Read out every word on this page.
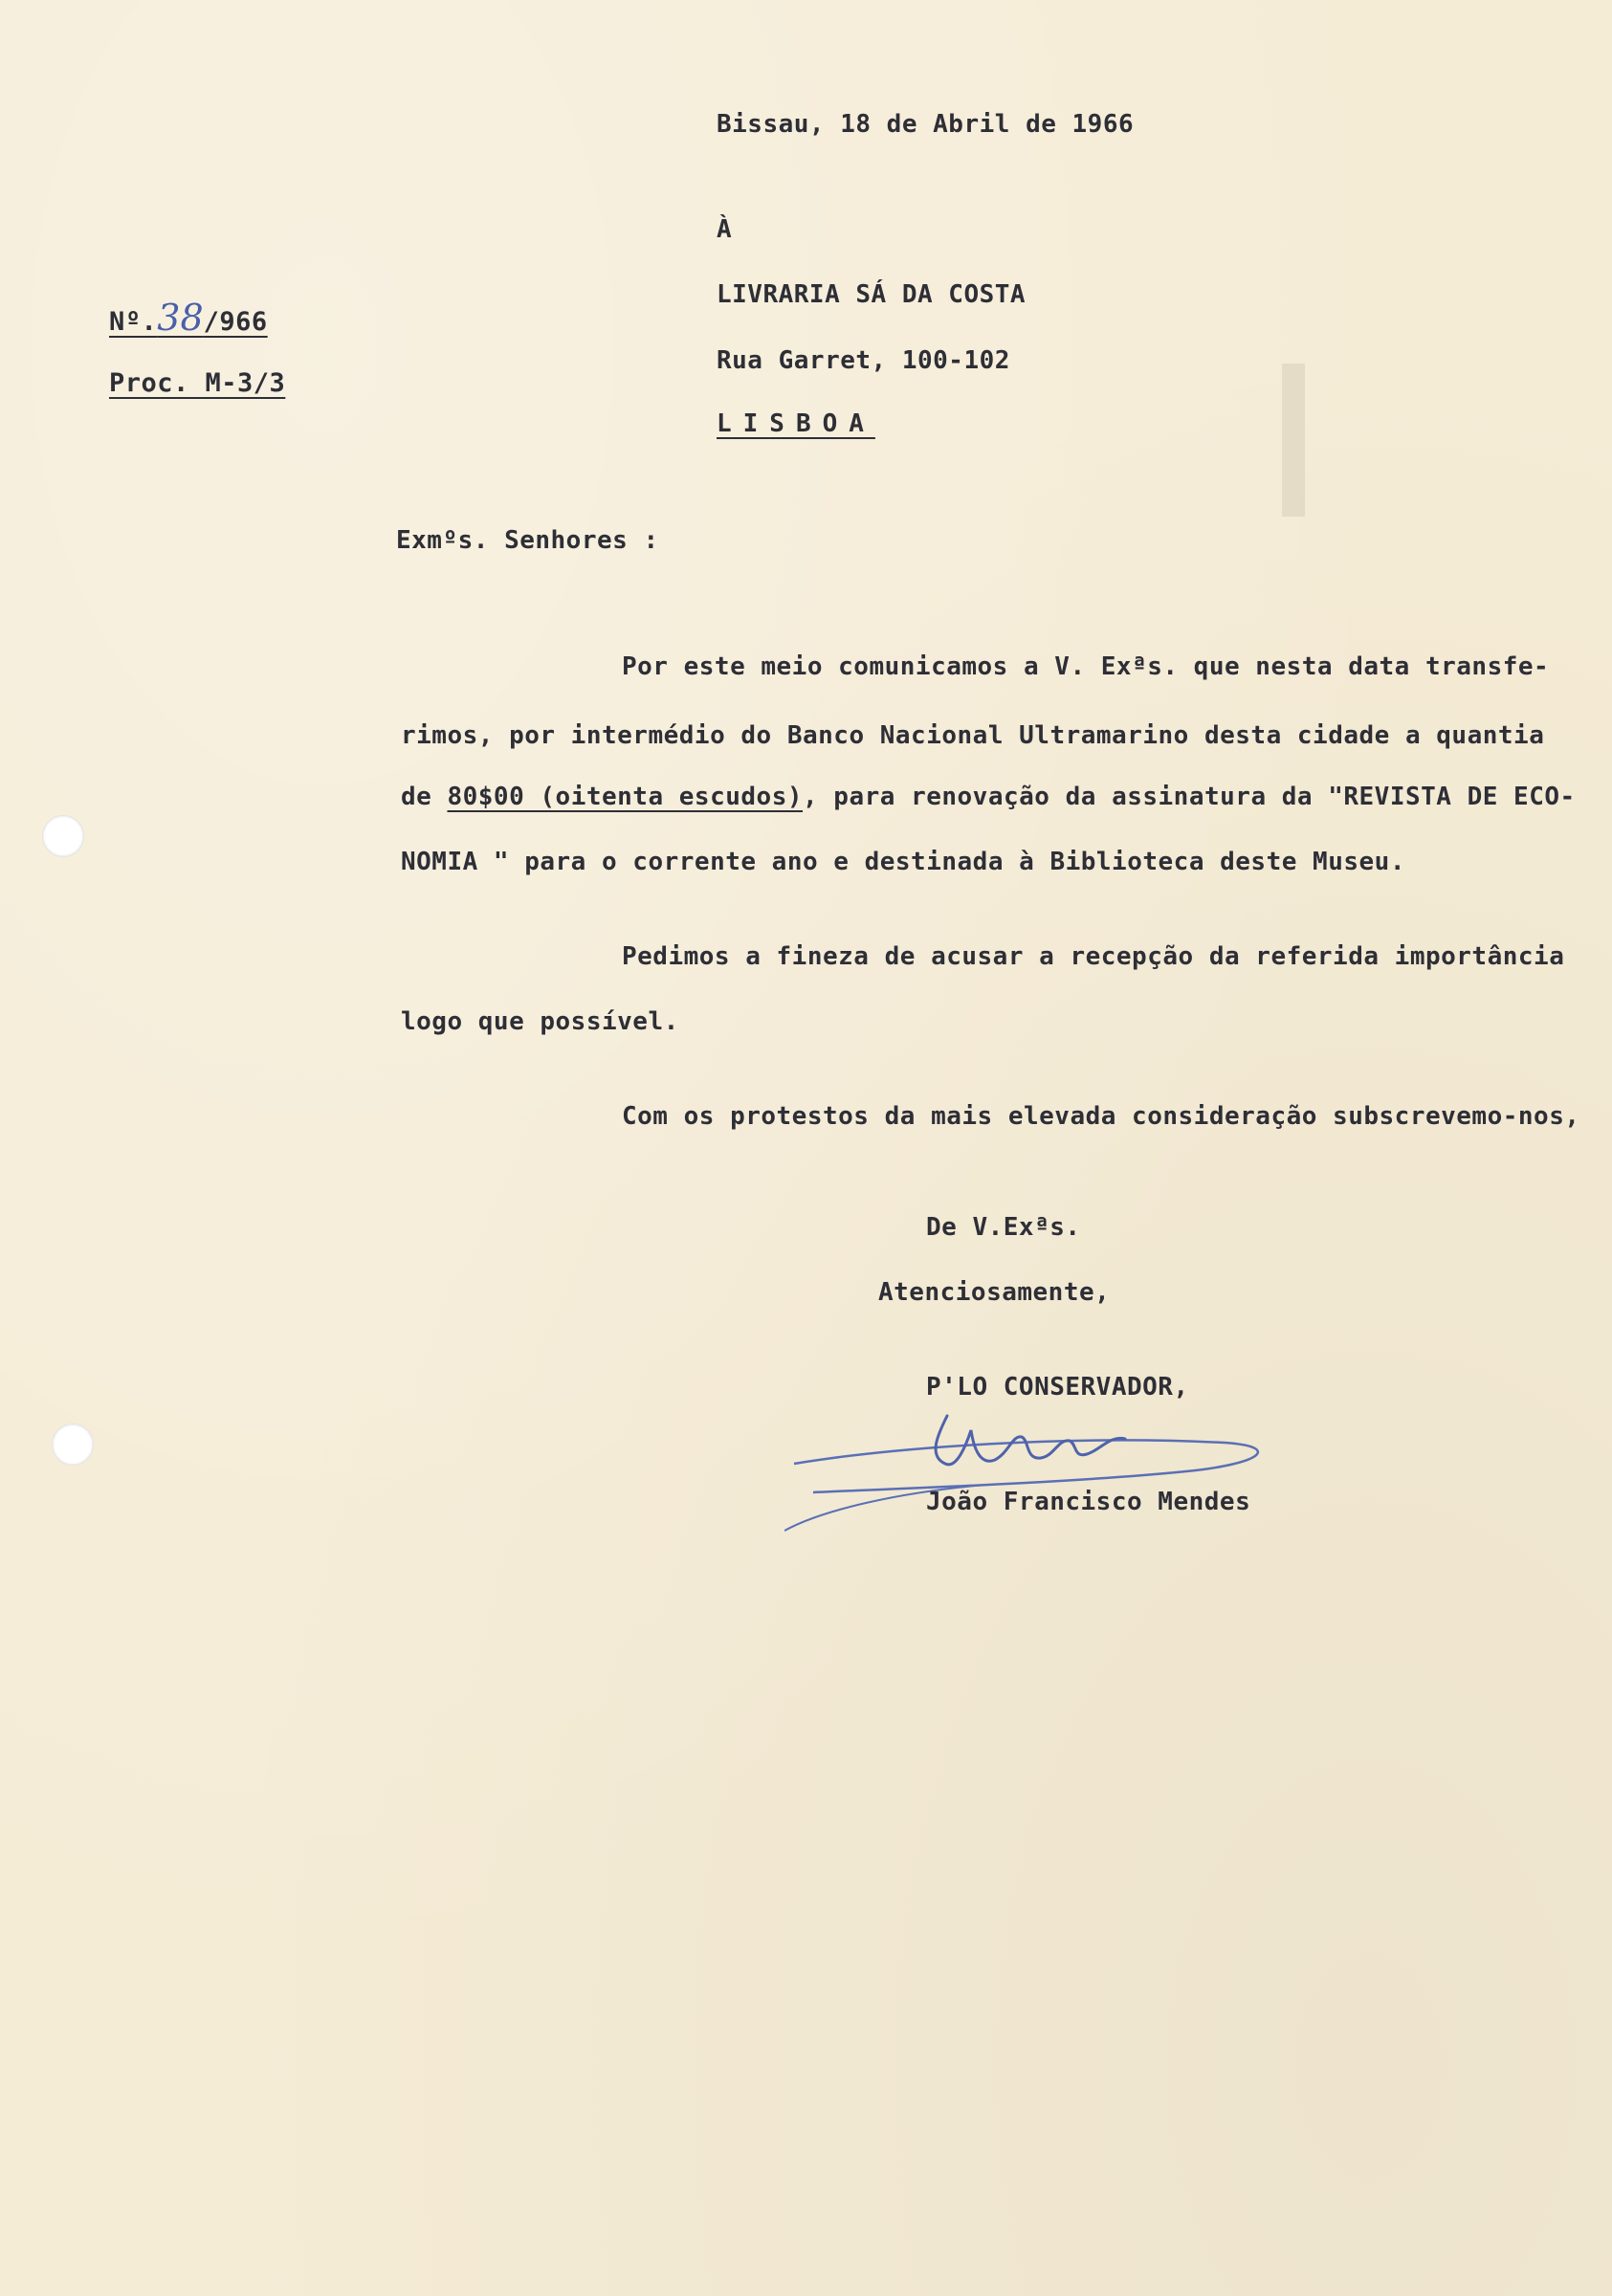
Bissau, 18 de Abril de 1966
À
LIVRARIA SÁ DA COSTA
Rua Garret, 100-102
LISBOA
Nº.38/966
Proc. M-3/3
Exmºs. Senhores :
Por este meio comunicamos a V. Exªs. que nesta data transfe-
rimos, por intermédio do Banco Nacional Ultramarino desta cidade a quantia
de 80$00 (oitenta escudos), para renovação da assinatura da "REVISTA DE ECO-
NOMIA " para o corrente ano e destinada à Biblioteca deste Museu.
Pedimos a fineza de acusar a recepção da referida importância
logo que possível.
Com os protestos da mais elevada consideração subscrevemo-nos,
De V.Exªs.
Atenciosamente,
P'LO CONSERVADOR,
João Francisco Mendes
